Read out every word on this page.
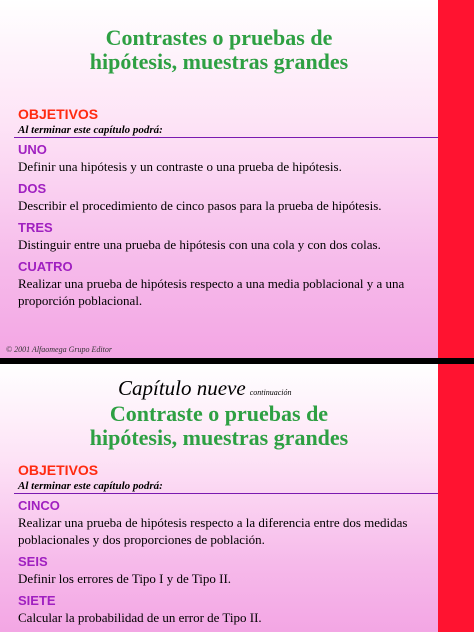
Contrastes o pruebas de
hipótesis, muestras grandes
OBJETIVOS
Al terminar este capítulo podrá:
UNO
Definir una hipótesis y un contraste o una prueba de hipótesis.
DOS
Describir el procedimiento de cinco pasos para la prueba de hipótesis.
TRES
Distinguir entre una prueba de hipótesis con una cola y con dos colas.
CUATRO
Realizar una prueba de hipótesis respecto a una media poblacional y a una proporción poblacional.
© 2001 Alfaomega Grupo Editor
Capítulo nueve continuación
Contraste o pruebas de
hipótesis, muestras grandes
OBJETIVOS
Al terminar este capítulo podrá:
CINCO
Realizar una prueba de hipótesis respecto a la diferencia entre dos medidas poblacionales y dos proporciones de población.
SEIS
Definir los errores de Tipo I y de Tipo II.
SIETE
Calcular la probabilidad de un error de Tipo II.
